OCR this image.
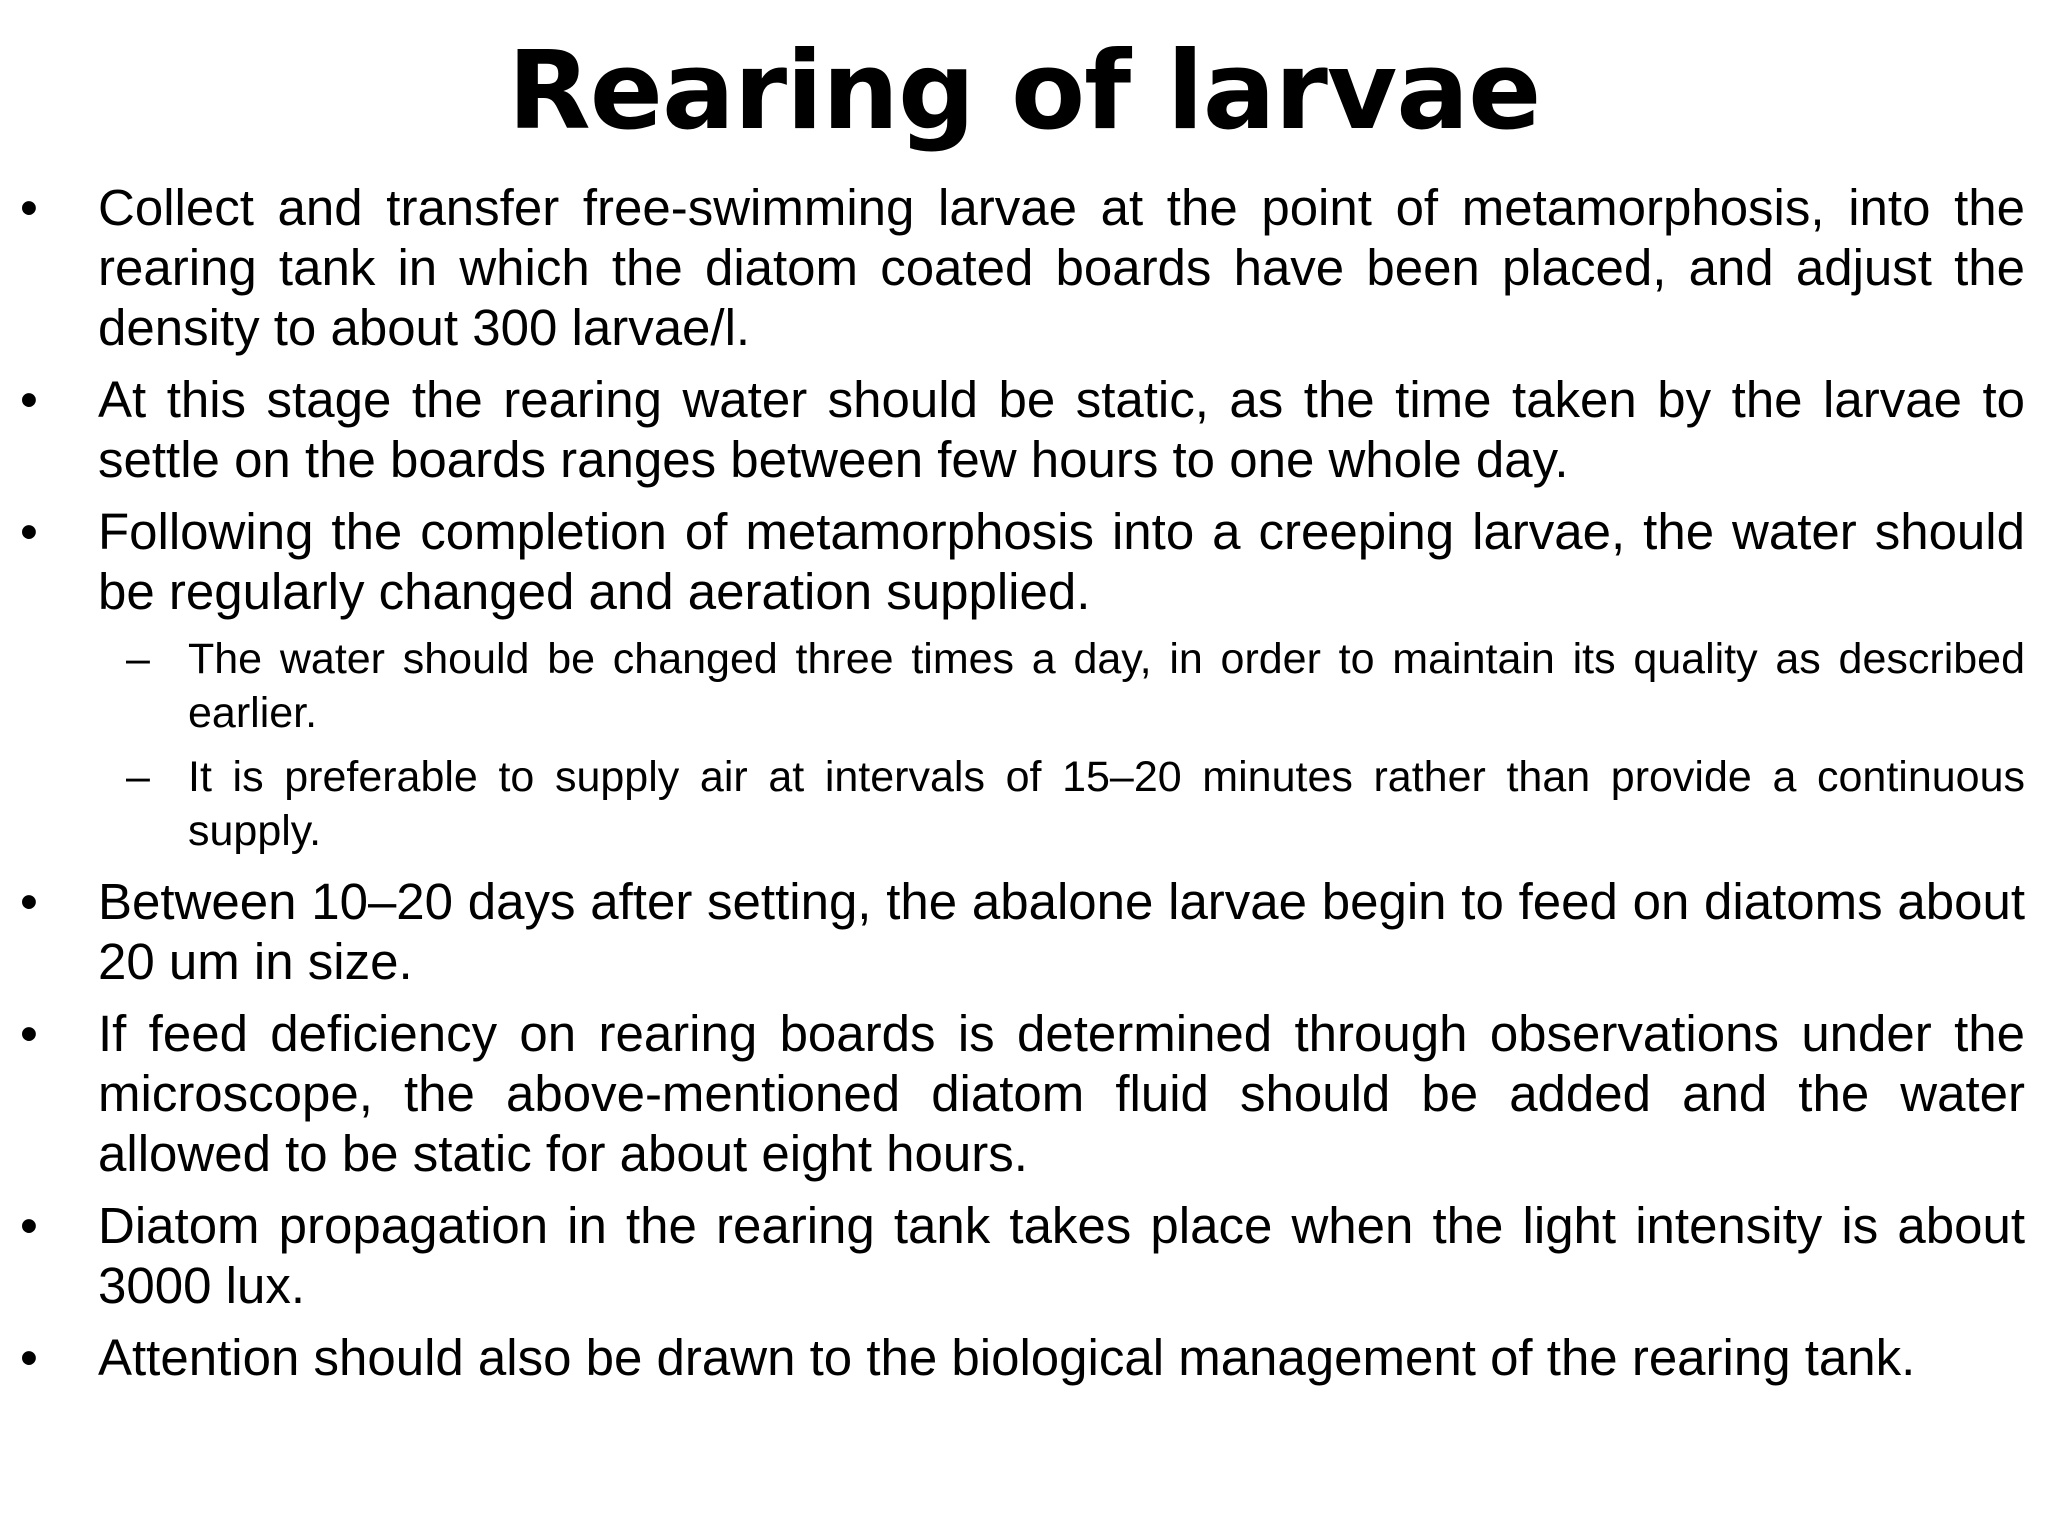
Rearing of larvae
•	Collect and transfer free-swimming larvae at the point of metamorphosis, into the rearing tank in which the diatom coated boards have been placed, and adjust the density to about 300 larvae/l.
•	At this stage the rearing water should be static, as the time taken by the larvae to settle on the boards ranges between few hours to one whole day.
•	Following the completion of metamorphosis into a creeping larvae, the water should be regularly changed and aeration supplied.
– The water should be changed three times a day, in order to maintain its quality as described earlier.
– It is preferable to supply air at intervals of 15–20 minutes rather than provide a continuous supply.
•	Between 10–20 days after setting, the abalone larvae begin to feed on diatoms about 20 um in size.
•	If feed deficiency on rearing boards is determined through observations under the microscope, the above-mentioned diatom fluid should be added and the water allowed to be static for about eight hours.
•	Diatom propagation in the rearing tank takes place when the light intensity is about 3000 lux.
•	Attention should also be drawn to the biological management of the rearing tank.
